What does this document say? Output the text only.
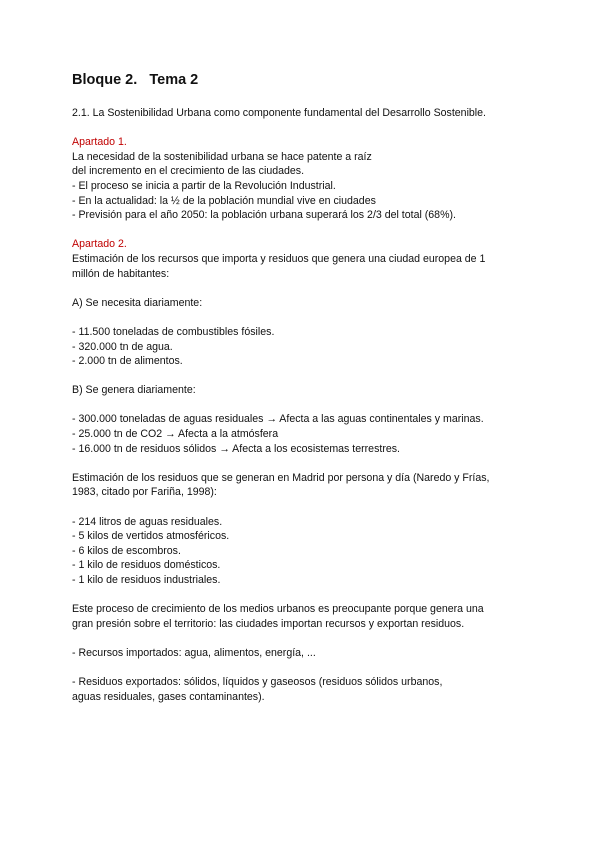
Bloque 2.   Tema 2
2.1. La Sostenibilidad Urbana como componente fundamental del Desarrollo Sostenible.
Apartado 1.
La necesidad de la sostenibilidad urbana se hace patente a raíz
del incremento en el crecimiento de las ciudades.
- El proceso se inicia a partir de la Revolución Industrial.
- En la actualidad: la ½ de la población mundial vive en ciudades
- Previsión para el año 2050: la población urbana superará los 2/3 del total (68%).
Apartado 2.
Estimación de los recursos que importa y residuos que genera una ciudad europea de 1
millón de habitantes:
A) Se necesita diariamente:
- 11.500 toneladas de combustibles fósiles.
- 320.000 tn de agua.
- 2.000 tn de alimentos.
B) Se genera diariamente:
- 300.000 toneladas de aguas residuales → Afecta a las aguas continentales y marinas.
- 25.000 tn de CO2 → Afecta a la atmósfera
- 16.000 tn de residuos sólidos → Afecta a los ecosistemas terrestres.
Estimación de los residuos que se generan en Madrid por persona y día (Naredo y Frías,
1983, citado por Fariña, 1998):
- 214 litros de aguas residuales.
- 5 kilos de vertidos atmosféricos.
- 6 kilos de escombros.
- 1 kilo de residuos domésticos.
- 1 kilo de residuos industriales.
Este proceso de crecimiento de los medios urbanos es preocupante porque genera una
gran presión sobre el territorio: las ciudades importan recursos y exportan residuos.
- Recursos importados: agua, alimentos, energía, ...
- Residuos exportados: sólidos, líquidos y gaseosos (residuos sólidos urbanos,
aguas residuales, gases contaminantes).
